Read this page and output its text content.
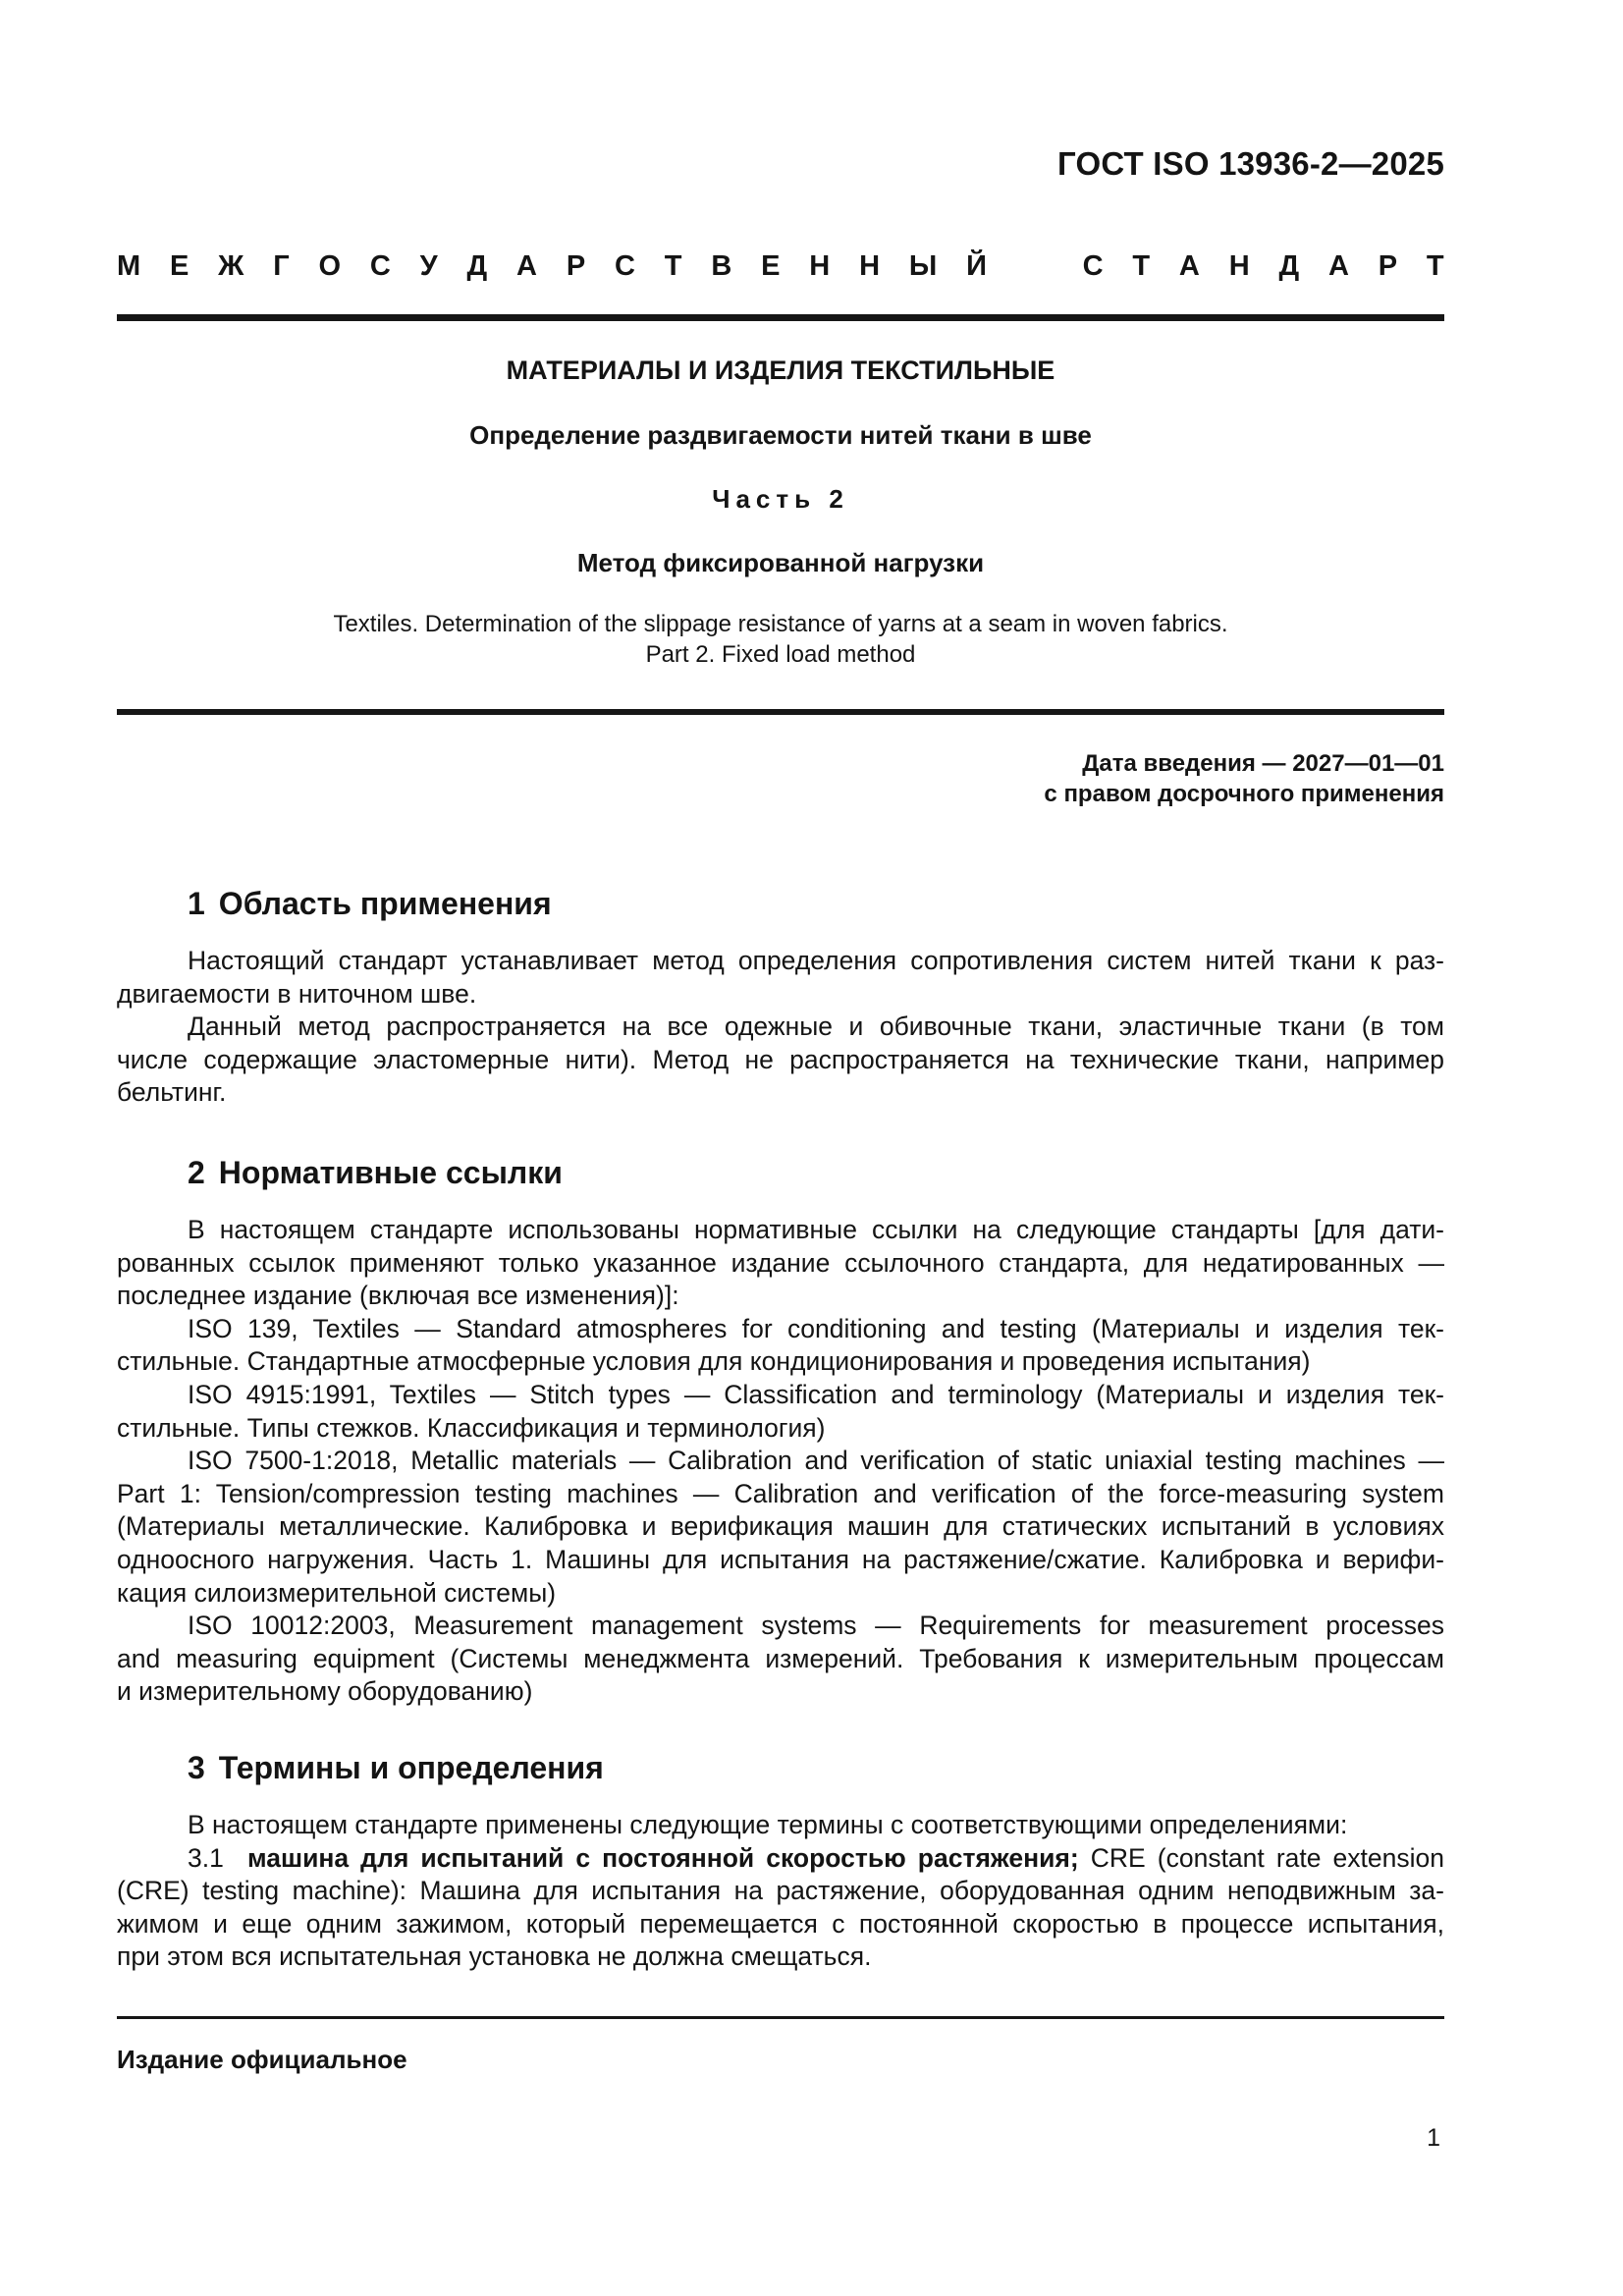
ГОСТ ISO 13936-2—2025
М Е Ж Г О С У Д А Р С Т В Е Н Н Ы Й	С Т А Н Д А Р Т
МАТЕРИАЛЫ И ИЗДЕЛИЯ ТЕКСТИЛЬНЫЕ
Определение раздвигаемости нитей ткани в шве
Часть 2
Метод фиксированной нагрузки
Textiles. Determination of the slippage resistance of yarns at a seam in woven fabrics.
Part 2. Fixed load method
Дата введения — 2027—01—01
с правом досрочного применения
1 Область применения
Настоящий стандарт устанавливает метод определения сопротивления систем нитей ткани к раз-
двигаемости в ниточном шве.
Данный метод распространяется на все одежные и обивочные ткани, эластичные ткани (в том
числе содержащие эластомерные нити). Метод не распространяется на технические ткани, например
бельтинг.
2 Нормативные ссылки
В настоящем стандарте использованы нормативные ссылки на следующие стандарты [для дати-
рованных ссылок применяют только указанное издание ссылочного стандарта, для недатированных —
последнее издание (включая все изменения)]:
ISO 139, Textiles — Standard atmospheres for conditioning and testing (Материалы и изделия тек-
стильные. Стандартные атмосферные условия для кондиционирования и проведения испытания)
ISO 4915:1991, Textiles — Stitch types — Classification and terminology (Материалы и изделия тек-
стильные. Типы стежков. Классификация и терминология)
ISO 7500-1:2018, Metallic materials — Calibration and verification of static uniaxial testing machines —
Part 1: Tension/compression testing machines — Calibration and verification of the force-measuring system
(Материалы металлические. Калибровка и верификация машин для статических испытаний в условиях
одноосного нагружения. Часть 1. Машины для испытания на растяжение/сжатие. Калибровка и верифи-
кация силоизмерительной системы)
ISO 10012:2003, Measurement management systems — Requirements for measurement processes
and measuring equipment (Системы менеджмента измерений. Требования к измерительным процессам
и измерительному оборудованию)
3 Термины и определения
В настоящем стандарте применены следующие термины с соответствующими определениями:
3.1 машина для испытаний с постоянной скоростью растяжения; CRE (constant rate extension
(CRE) testing machine): Машина для испытания на растяжение, оборудованная одним неподвижным за-
жимом и еще одним зажимом, который перемещается с постоянной скоростью в процессе испытания,
при этом вся испытательная установка не должна смещаться.
Издание официальное
1
